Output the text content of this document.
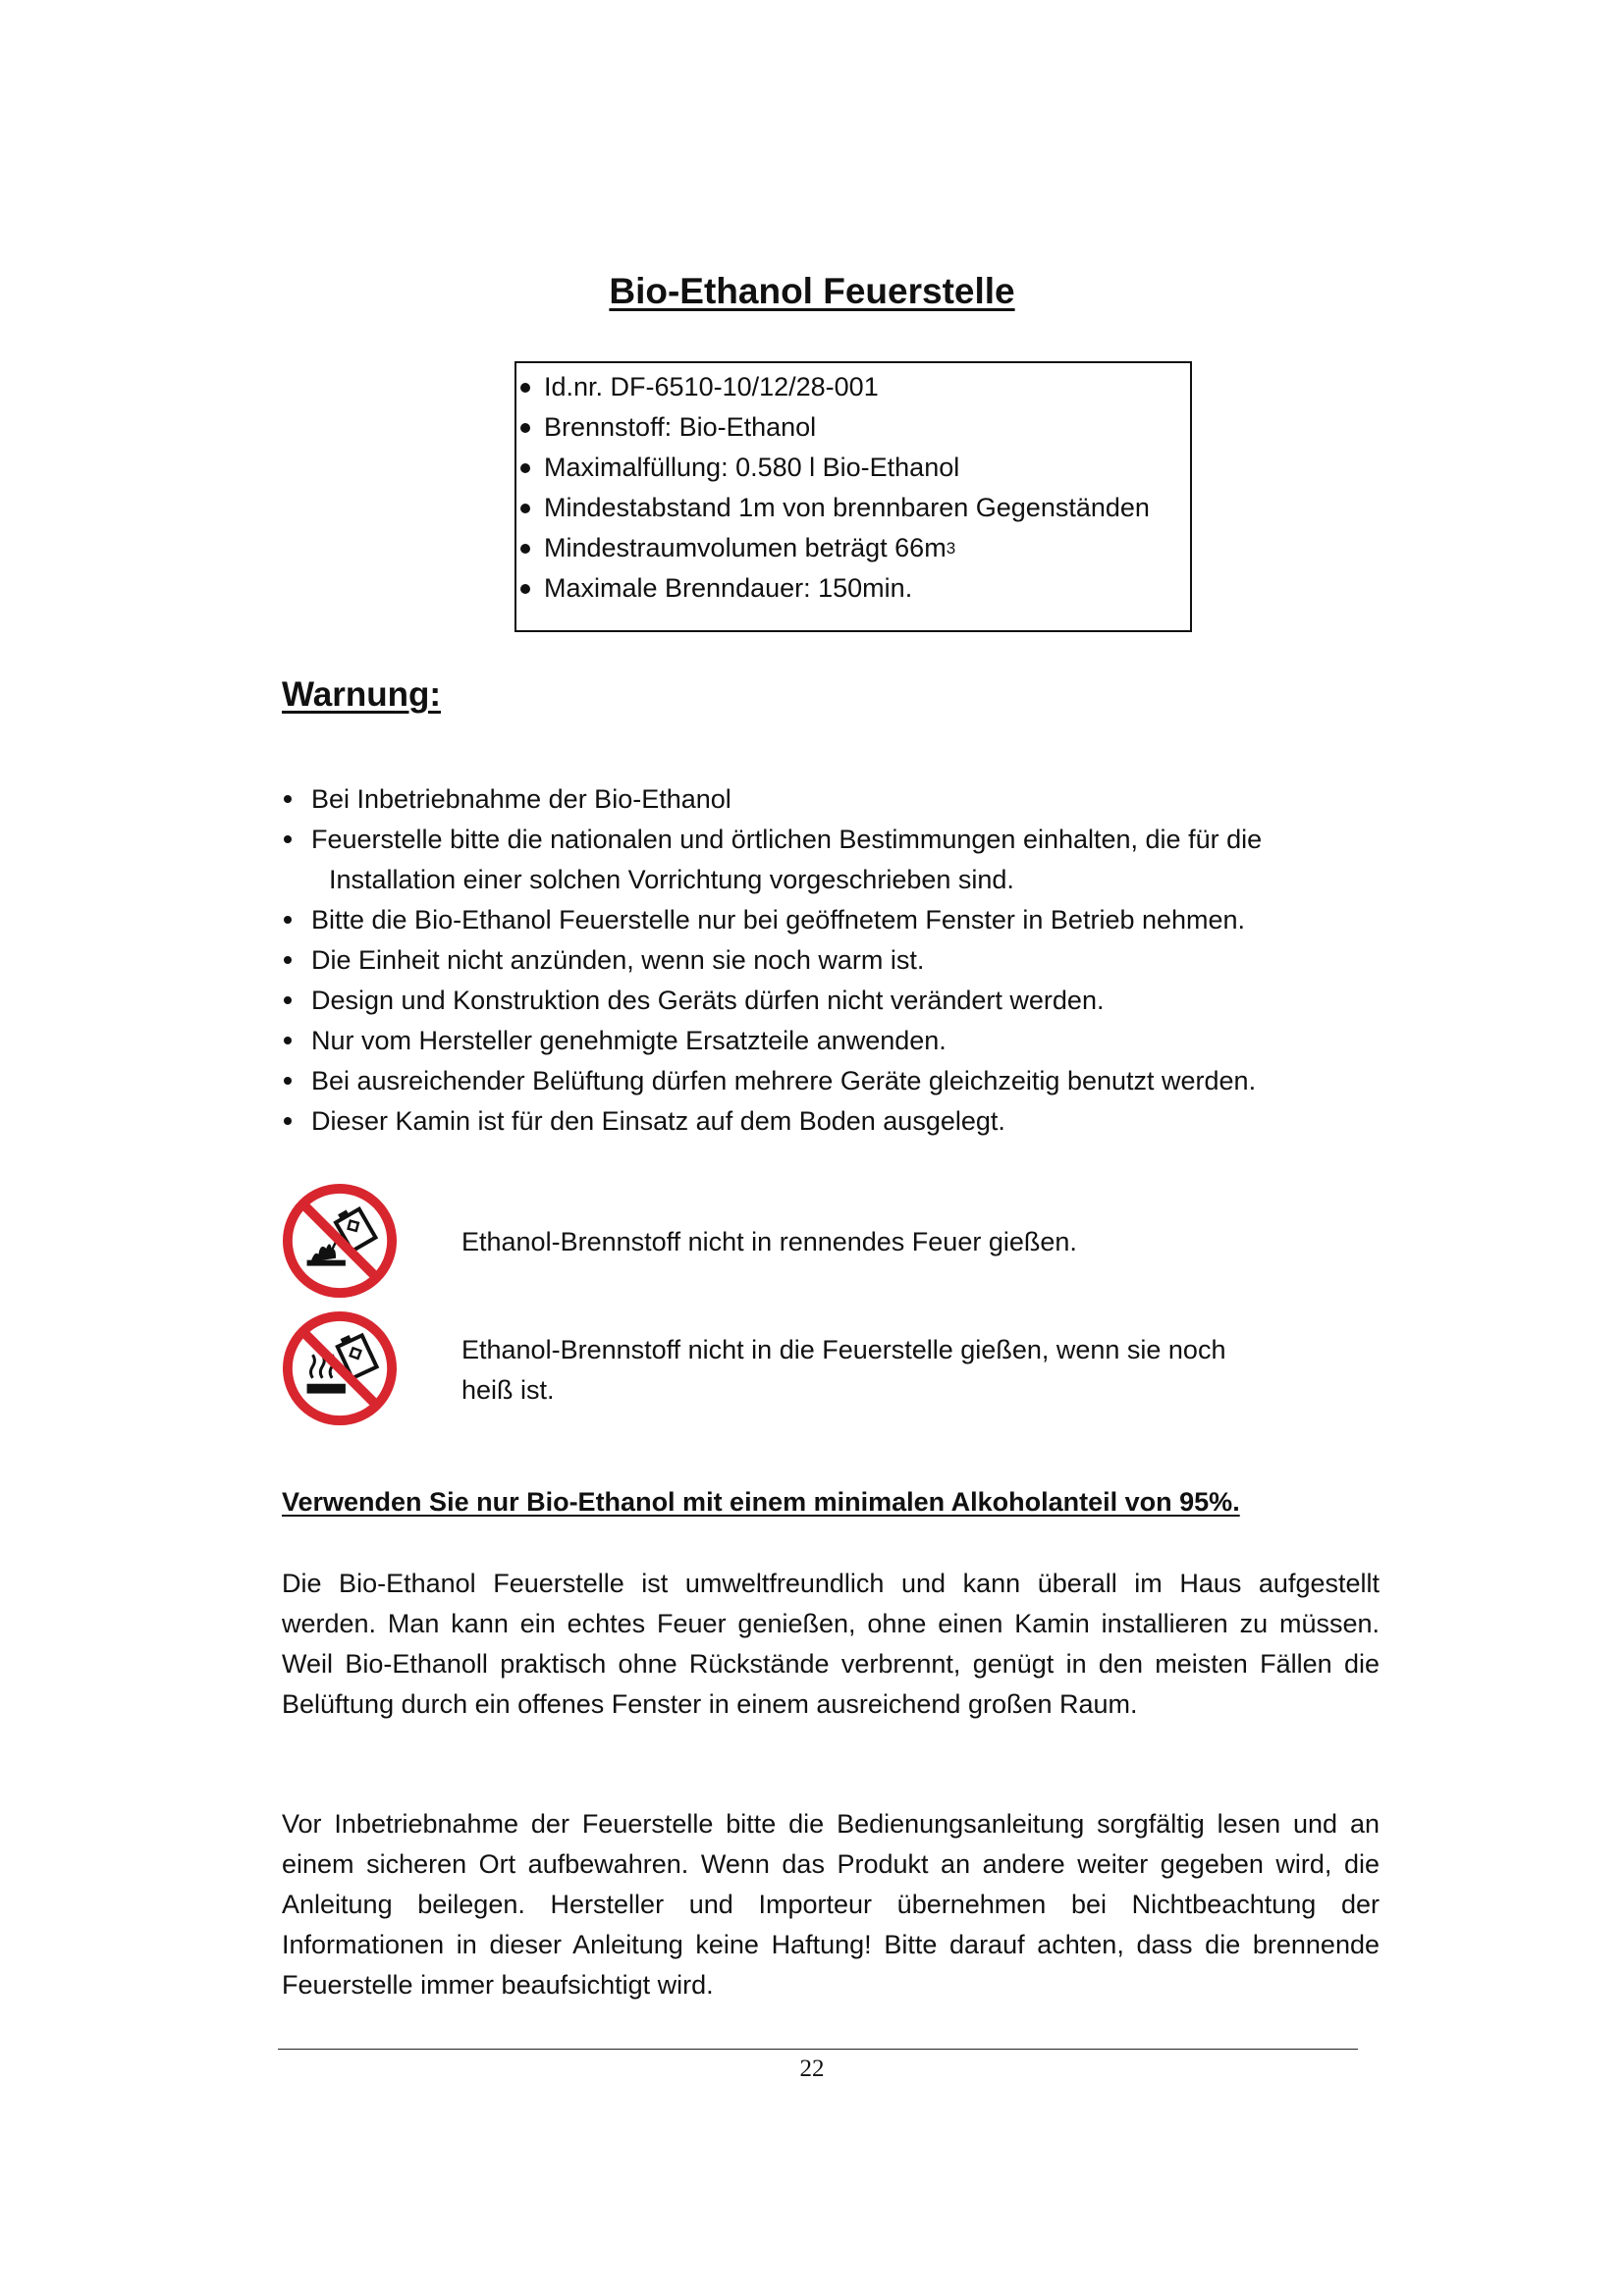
Bio-Ethanol Feuerstelle
Id.nr. DF-6510-10/12/28-001
Brennstoff: Bio-Ethanol
Maximalfüllung: 0.580 l Bio-Ethanol
Mindestabstand 1m von brennbaren Gegenständen
Mindestraumvolumen beträgt 66m 3
Maximale Brenndauer: 150min.
Warnung:
Bei Inbetriebnahme der Bio-Ethanol
Feuerstelle bitte die nationalen und örtlichen Bestimmungen einhalten, die für die
Installation einer solchen Vorrichtung vorgeschrieben sind.
Bitte die Bio-Ethanol Feuerstelle nur bei geöffnetem Fenster in Betrieb nehmen.
Die Einheit nicht anzünden, wenn sie noch warm ist.
Design und Konstruktion des Geräts dürfen nicht verändert werden.
Nur vom Hersteller genehmigte Ersatzteile anwenden.
Bei ausreichender Belüftung dürfen mehrere Geräte gleichzeitig benutzt werden.
Dieser Kamin ist für den Einsatz auf dem Boden ausgelegt.
Ethanol-Brennstoff nicht in rennendes Feuer gießen.
Ethanol-Brennstoff nicht in die Feuerstelle gießen, wenn sie noch
heiß ist.
Verwenden Sie nur Bio-Ethanol mit einem minimalen Alkoholanteil von 95%.

Die Bio-Ethanol Feuerstelle ist umweltfreundlich und kann überall im Haus aufgestellt werden. Man kann ein echtes Feuer genießen, ohne einen Kamin installieren zu müssen. Weil Bio-Ethanoll praktisch ohne Rückstände verbrennt, genügt in den meisten Fällen die Belüftung durch ein offenes Fenster in einem ausreichend großen Raum.

Vor Inbetriebnahme der Feuerstelle bitte die Bedienungsanleitung sorgfältig lesen und an einem sicheren Ort aufbewahren. Wenn das Produkt an andere weiter gegeben wird, die Anleitung beilegen. Hersteller und Importeur übernehmen bei Nichtbeachtung der Informationen in dieser Anleitung keine Haftung! Bitte darauf achten, dass die brennende Feuerstelle immer beaufsichtigt wird.

22
